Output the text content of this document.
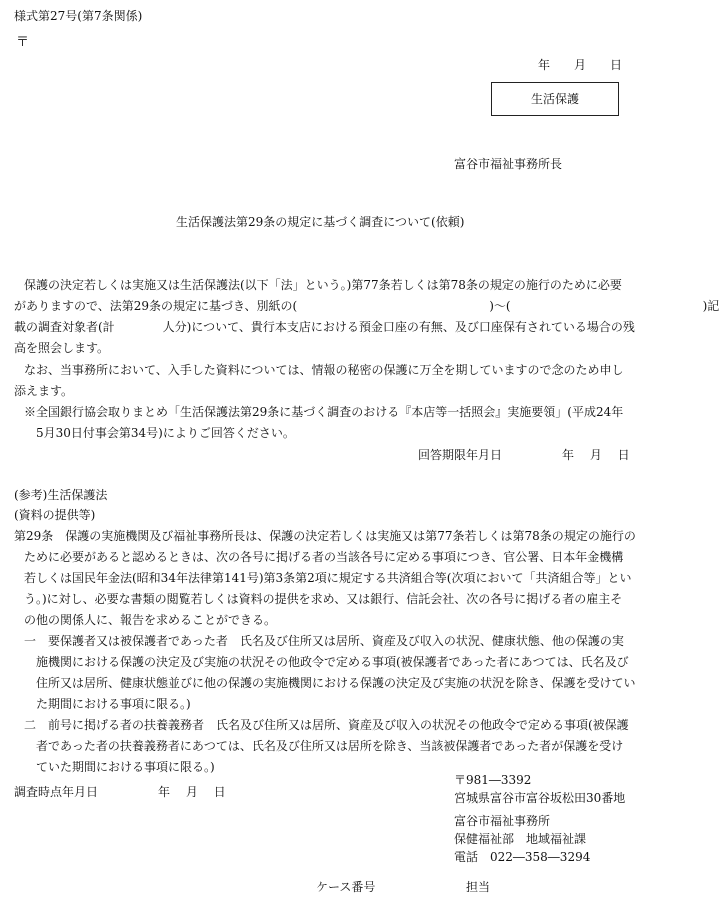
様式第27号(第7条関係)
〒
年　　月　　日
生活保護
富谷市福祉事務所長
生活保護法第29条の規定に基づく調査について(依頼)
保護の決定若しくは実施又は生活保護法(以下「法」という。)第77条若しくは第78条の規定の施行のために必要
がありますので、法第29条の規定に基づき、別紙の(　　　　　　　　　　　　　　　　)～(　　　　　　　　　　　　　　　　)記
載の調査対象者(計　　　　人分)について、貴行本支店における預金口座の有無、及び口座保有されている場合の残
高を照会します。
なお、当事務所において、入手した資料については、情報の秘密の保護に万全を期していますので念のため申し
添えます。
※全国銀行協会取りまとめ「生活保護法第29条に基づく調査のおける『本店等一括照会』実施要領」(平成24年
5月30日付事会第34号)によりご回答ください。
回答期限年月日　　　　　年　 月　 日
(参考)生活保護法
(資料の提供等)
第29条　保護の実施機関及び福祉事務所長は、保護の決定若しくは実施又は第77条若しくは第78条の規定の施行の
ために必要があると認めるときは、次の各号に掲げる者の当該各号に定める事項につき、官公署、日本年金機構
若しくは国民年金法(昭和34年法律第141号)第3条第2項に規定する共済組合等(次項において「共済組合等」とい
う。)に対し、必要な書類の閲覧若しくは資料の提供を求め、又は銀行、信託会社、次の各号に掲げる者の雇主そ
の他の関係人に、報告を求めることができる。
一　要保護者又は被保護者であった者　氏名及び住所又は居所、資産及び収入の状況、健康状態、他の保護の実
施機関における保護の決定及び実施の状況その他政令で定める事項(被保護者であった者にあつては、氏名及び
住所又は居所、健康状態並びに他の保護の実施機関における保護の決定及び実施の状況を除き、保護を受けてい
た期間における事項に限る。)
二　前号に掲げる者の扶養義務者　氏名及び住所又は居所、資産及び収入の状況その他政令で定める事項(被保護
者であった者の扶養義務者にあつては、氏名及び住所又は居所を除き、当該被保護者であった者が保護を受け
ていた期間における事項に限る。)
調査時点年月日　　　　　年　 月　 日
〒981―3392
宮城県富谷市富谷坂松田30番地
富谷市福祉事務所
保健福祉部　地域福祉課
電話　022―358―3294
ケース番号	担当
